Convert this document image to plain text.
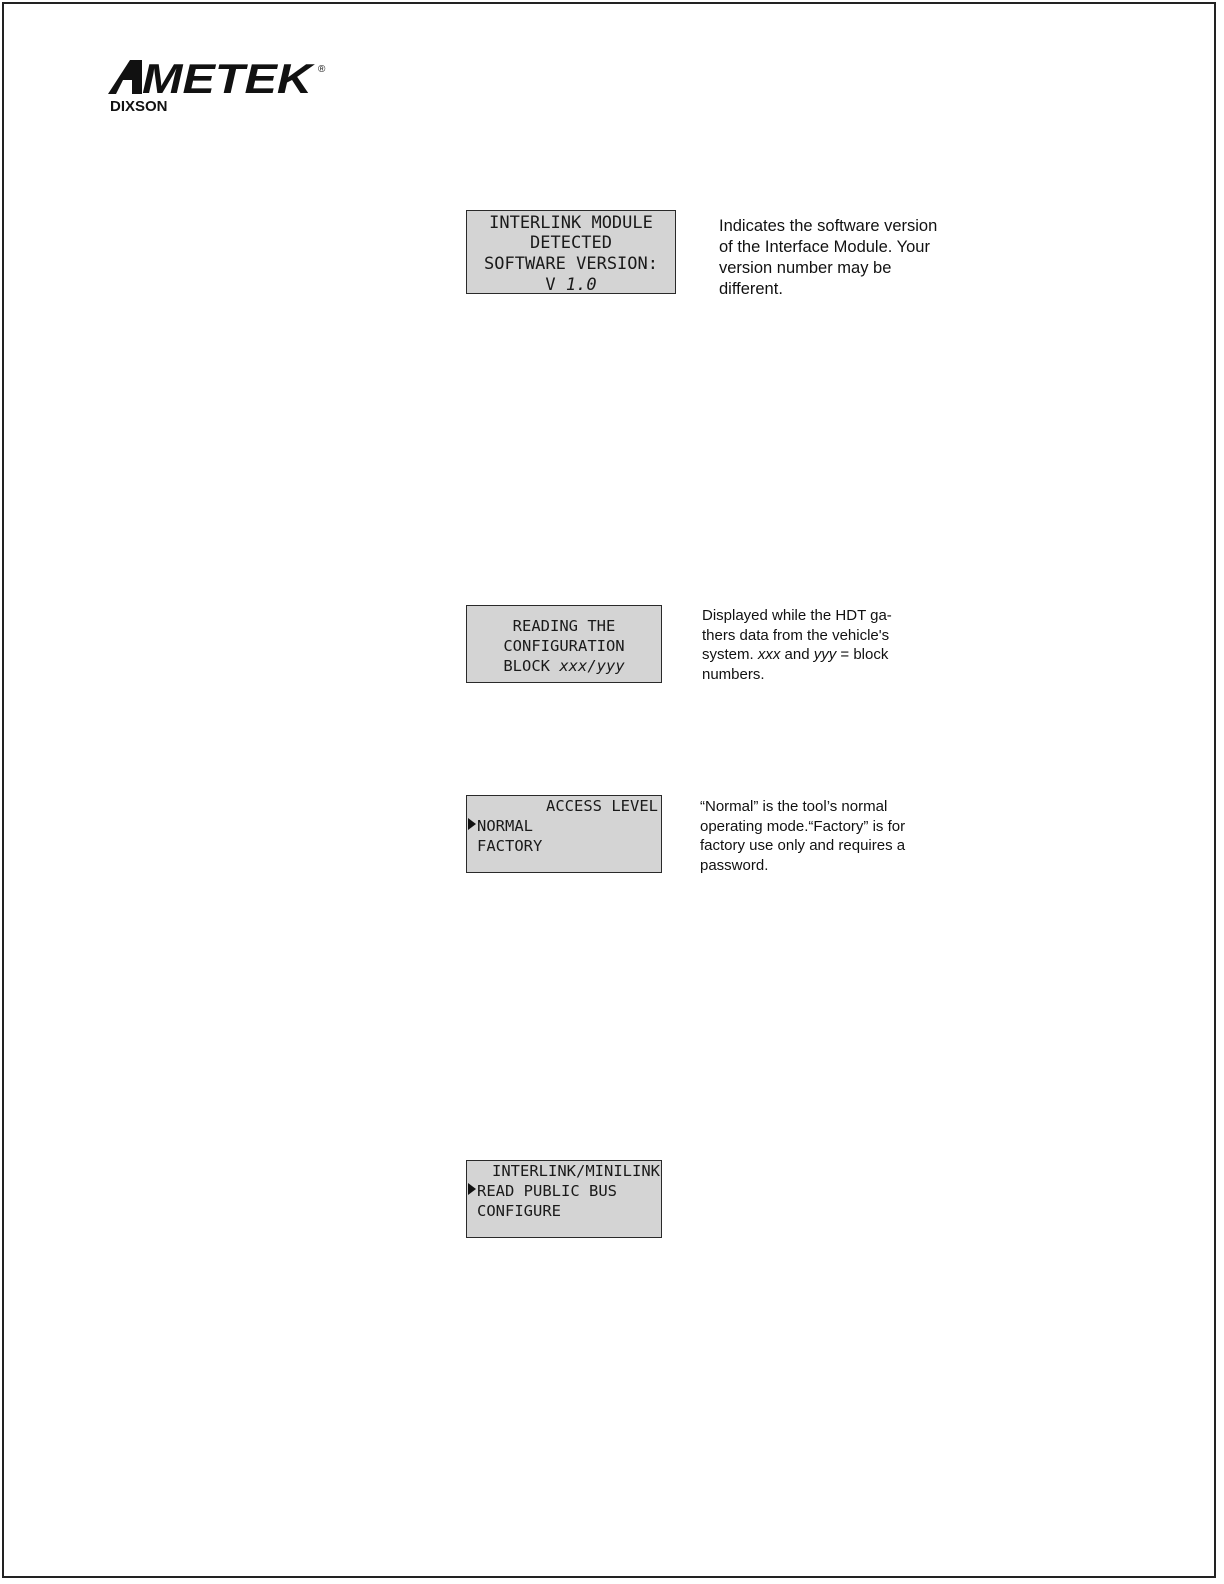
METEK ®
DIXSON
INTERLINK MODULE
DETECTED
SOFTWARE VERSION:
V 1.0
Indicates the software version
of the Interface Module. Your
version number may be
different.
READING THE
CONFIGURATION
BLOCK xxx/yyy
Displayed while the HDT ga-
thers data from the vehicle's
system. xxx and yyy = block
numbers.
ACCESS LEVEL
NORMAL
FACTORY
“Normal” is the tool’s normal
operating mode.“Factory” is for
factory use only and requires a
password.
INTERLINK/MINILINK
READ PUBLIC BUS
CONFIGURE
